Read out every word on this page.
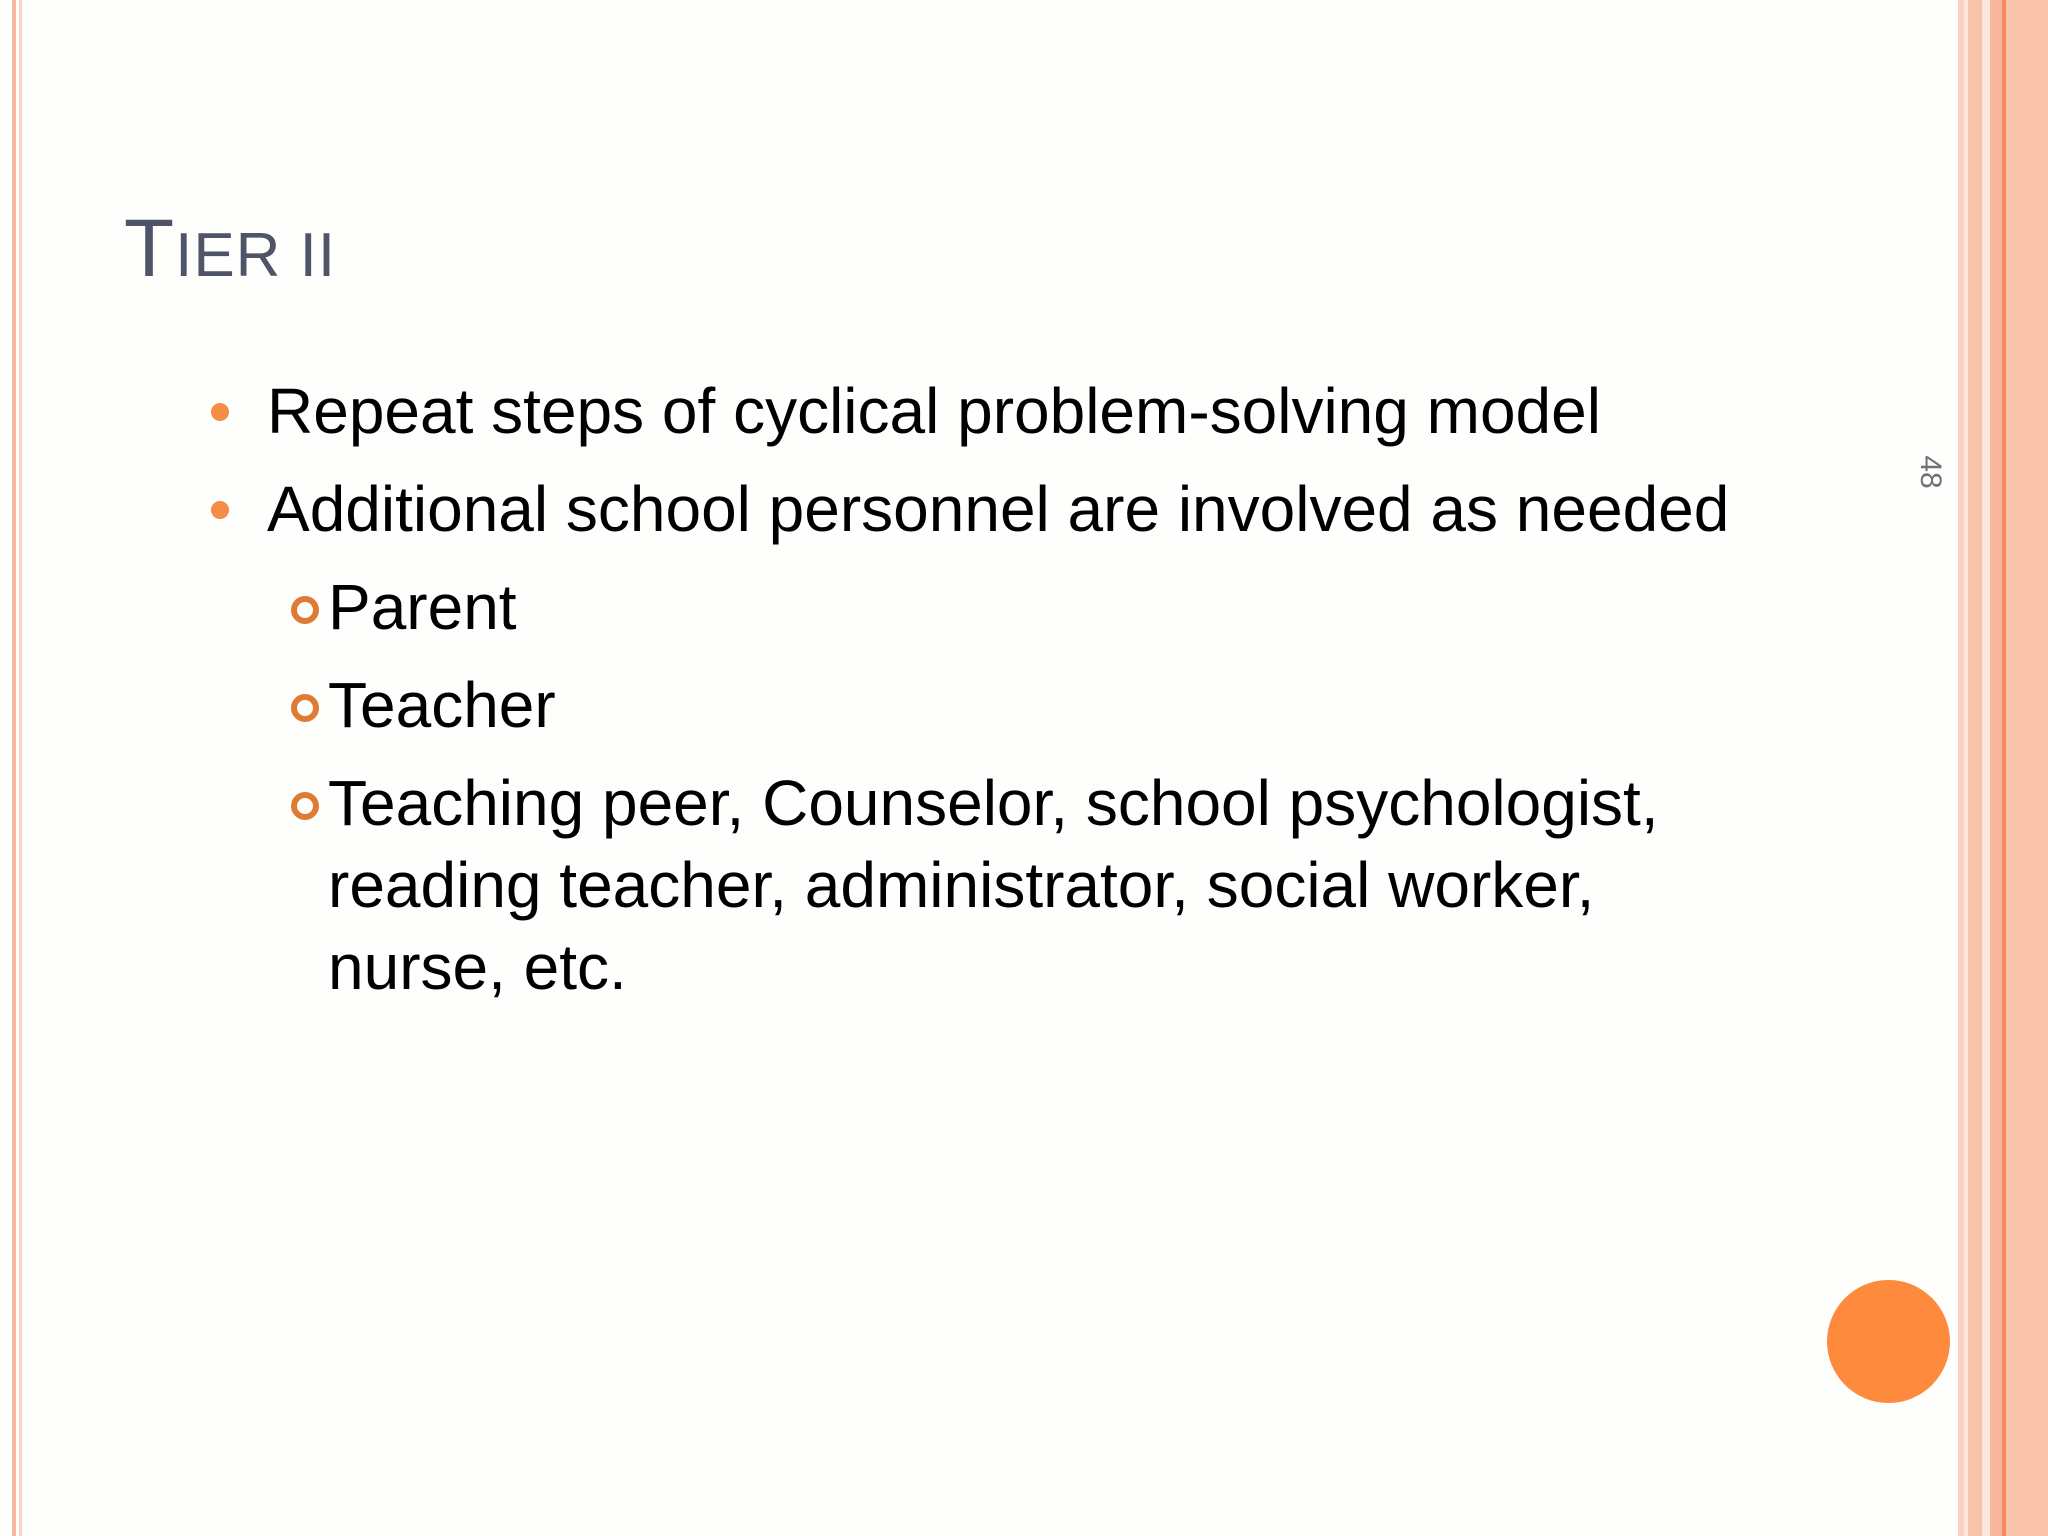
TIER II
48
Repeat steps of cyclical problem-solving model
Additional school personnel are involved as needed
Parent
Teacher
Teaching peer, Counselor, school psychologist, reading teacher, administrator, social worker, nurse, etc.
